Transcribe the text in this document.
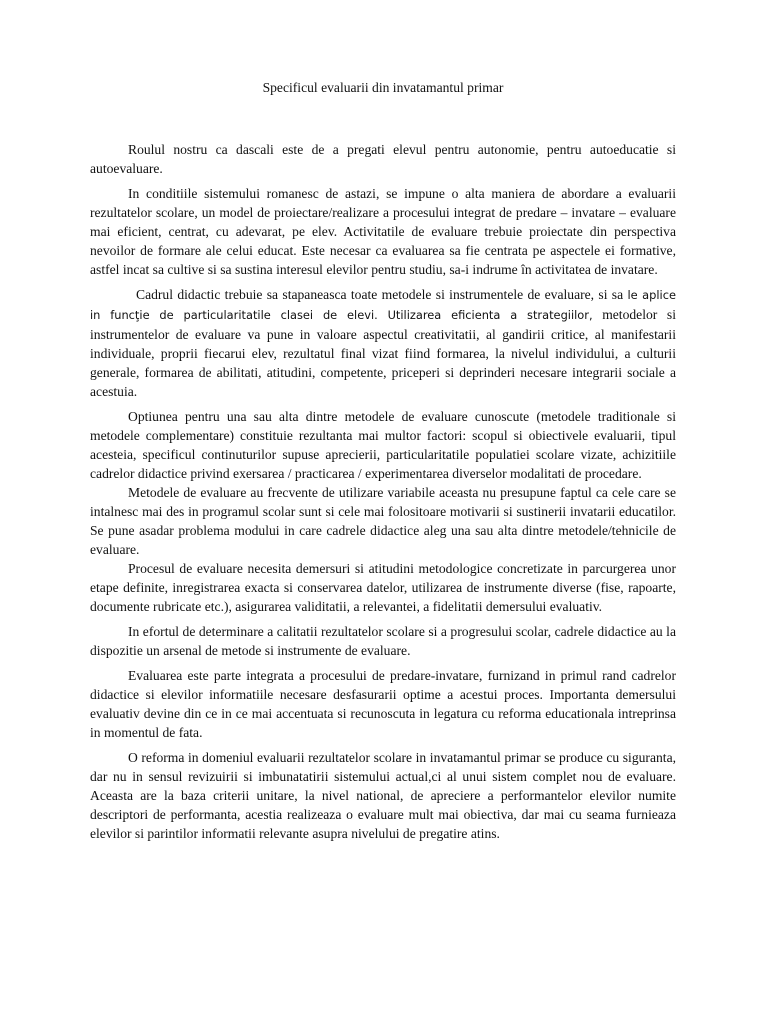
Specificul evaluarii din invatamantul primar

Roulul nostru ca dascali este de a pregati elevul pentru autonomie, pentru autoeducatie si autoevaluare.

In conditiile sistemului romanesc de astazi, se impune o alta maniera de abordare a evaluarii rezultatelor scolare, un model de proiectare/realizare a procesului integrat de predare – invatare – evaluare mai eficient, centrat, cu adevarat, pe elev. Activitatile de evaluare trebuie proiectate din perspectiva nevoilor de formare ale celui educat. Este necesar ca evaluarea sa fie centrata pe aspectele ei formative, astfel incat sa cultive si sa sustina interesul elevilor pentru studiu, sa-i indrume în activitatea de invatare.

Cadrul didactic trebuie sa stapaneasca toate metodele si instrumentele de evaluare, si sa le aplice in funcţie de particularitatile clasei de elevi. Utilizarea eficienta a strategiilor, metodelor si instrumentelor de evaluare va pune in valoare aspectul creativitatii, al gandirii critice, al manifestarii individuale, proprii fiecarui elev, rezultatul final vizat fiind formarea, la nivelul individului, a culturii generale, formarea de abilitati, atitudini, competente, priceperi si deprinderi necesare integrarii sociale a acestuia.

Optiunea pentru una sau alta dintre metodele de evaluare cunoscute (metodele traditionale si metodele complementare) constituie rezultanta mai multor factori: scopul si obiectivele evaluarii, tipul acesteia, specificul continuturilor supuse aprecierii, particularitatile populatiei scolare vizate, achizitiile cadrelor didactice privind exersarea / practicarea / experimentarea diverselor modalitati de procedare.

Metodele de evaluare au frecvente de utilizare variabile aceasta nu presupune faptul ca cele care se intalnesc mai des in programul scolar sunt si cele mai folositoare motivarii si sustinerii invatarii educatilor. Se pune asadar problema modului in care cadrele didactice aleg una sau alta dintre metodele/tehnicile de evaluare.

Procesul de evaluare necesita demersuri si atitudini metodologice concretizate in parcurgerea unor etape definite, inregistrarea exacta si conservarea datelor, utilizarea de instrumente diverse (fise, rapoarte, documente rubricate etc.), asigurarea validitatii, a relevantei, a fidelitatii demersului evaluativ.

In efortul de determinare a calitatii rezultatelor scolare si a progresului scolar, cadrele didactice au la dispozitie un arsenal de metode si instrumente de evaluare.

Evaluarea este parte integrata a procesului de predare-invatare, furnizand in primul rand cadrelor didactice si elevilor informatiile necesare desfasurarii optime a acestui proces. Importanta demersului evaluativ devine din ce in ce mai accentuata si recunoscuta in legatura cu reforma educationala intreprinsa in momentul de fata.

O reforma in domeniul evaluarii rezultatelor scolare in invatamantul primar se produce cu siguranta, dar nu in sensul revizuirii si imbunatatirii sistemului actual,ci al unui sistem complet nou de evaluare. Aceasta are la baza criterii unitare, la nivel national, de apreciere a performantelor elevilor numite descriptori de performanta, acestia realizeaza o evaluare mult mai obiectiva, dar mai cu seama furnieaza elevilor si parintilor informatii relevante asupra nivelului de pregatire atins.
